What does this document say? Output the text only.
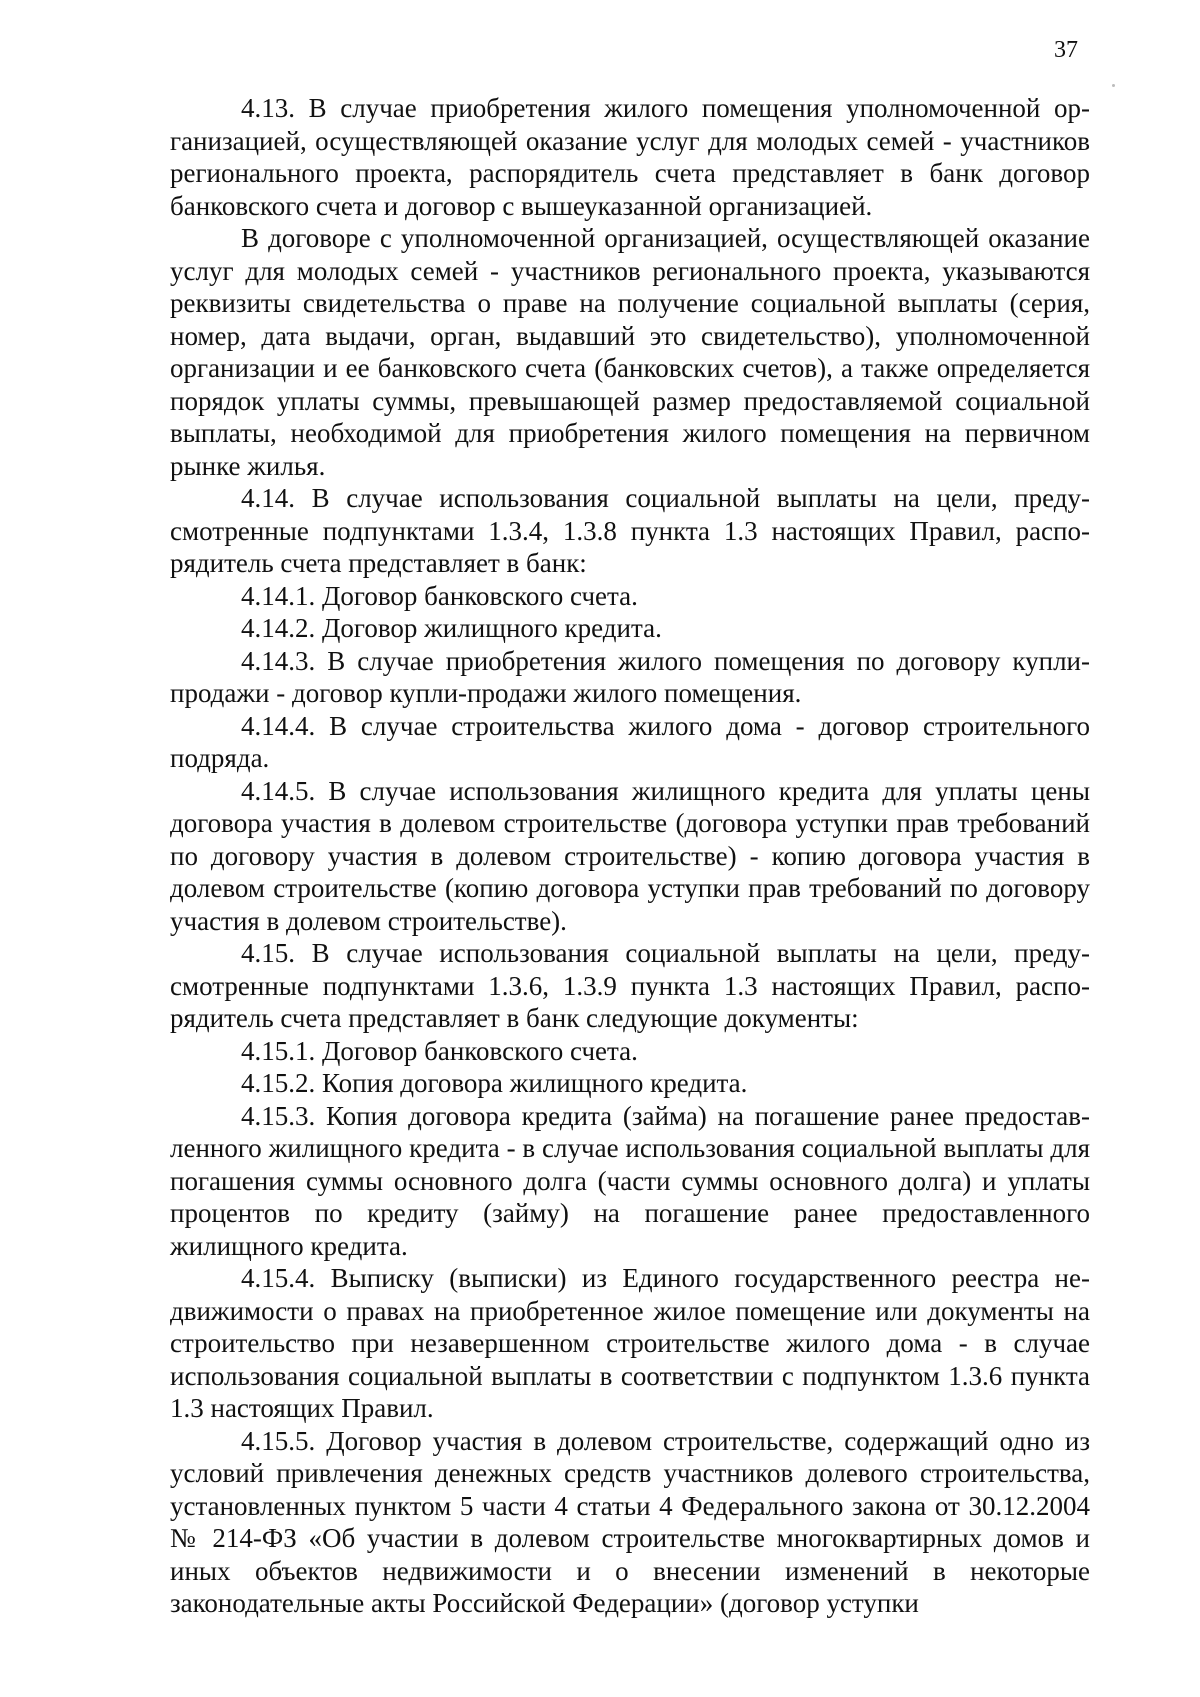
37

4.13. В случае приобретения жилого помещения уполномоченной организацией, осуществляющей оказание услуг для молодых семей - участников регионального проекта, распорядитель счета представляет в банк договор банковского счета и договор с вышеуказанной организацией.

В договоре с уполномоченной организацией, осуществляющей оказание услуг для молодых семей - участников регионального проекта, указываются реквизиты свидетельства о праве на получение социальной выплаты (серия, номер, дата выдачи, орган, выдавший это свидетельство), уполномоченной организации и ее банковского счета (банковских счетов), а также определяется порядок уплаты суммы, превышающей размер предоставляемой социальной выплаты, необходимой для приобретения жилого помещения на первичном рынке жилья.

4.14. В случае использования социальной выплаты на цели, предусмотренные подпунктами 1.3.4, 1.3.8 пункта 1.3 настоящих Правил, распорядитель счета представляет в банк:

4.14.1. Договор банковского счета.

4.14.2. Договор жилищного кредита.

4.14.3. В случае приобретения жилого помещения по договору купли-продажи - договор купли-продажи жилого помещения.

4.14.4. В случае строительства жилого дома - договор строительного подряда.

4.14.5. В случае использования жилищного кредита для уплаты цены договора участия в долевом строительстве (договора уступки прав требований по договору участия в долевом строительстве) - копию договора участия в долевом строительстве (копию договора уступки прав требований по договору участия в долевом строительстве).

4.15. В случае использования социальной выплаты на цели, предусмотренные подпунктами 1.3.6, 1.3.9 пункта 1.3 настоящих Правил, распорядитель счета представляет в банк следующие документы:

4.15.1. Договор банковского счета.

4.15.2. Копия договора жилищного кредита.

4.15.3. Копия договора кредита (займа) на погашение ранее предоставленного жилищного кредита - в случае использования социальной выплаты для погашения суммы основного долга (части суммы основного долга) и уплаты процентов по кредиту (займу) на погашение ранее предоставленного жилищного кредита.

4.15.4. Выписку (выписки) из Единого государственного реестра недвижимости о правах на приобретенное жилое помещение или документы на строительство при незавершенном строительстве жилого дома - в случае использования социальной выплаты в соответствии с подпунктом 1.3.6 пункта 1.3 настоящих Правил.

4.15.5. Договор участия в долевом строительстве, содержащий одно из условий привлечения денежных средств участников долевого строительства, установленных пунктом 5 части 4 статьи 4 Федерального закона от 30.12.2004 № 214-ФЗ «Об участии в долевом строительстве многоквартирных домов и иных объектов недвижимости и о внесении изменений в некоторые законодательные акты Российской Федерации» (договор уступки
